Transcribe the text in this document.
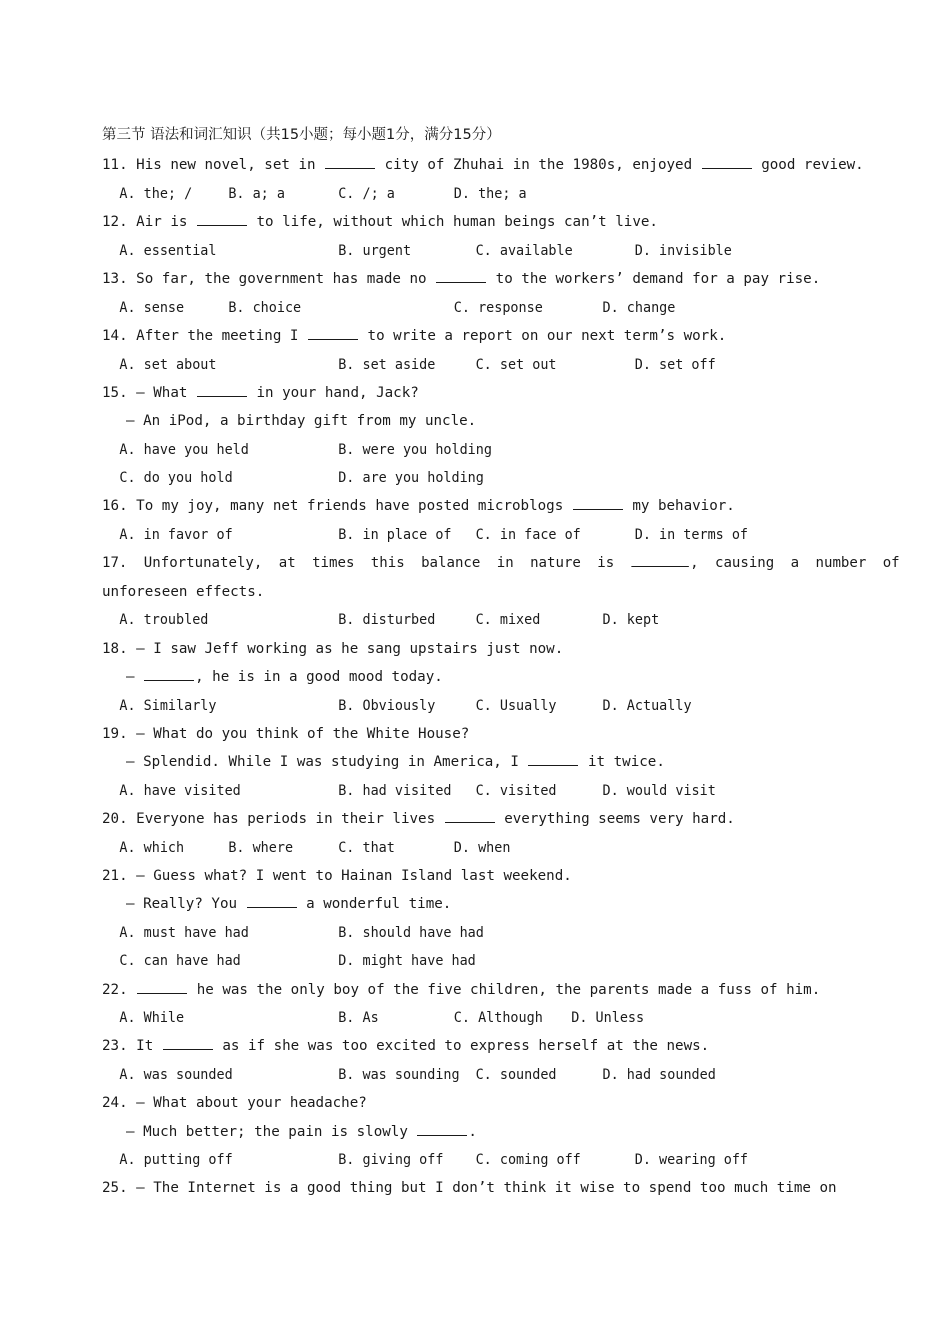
第三节 语法和词汇知识（共15小题；每小题1分，满分15分）
11. His new novel, set in	city of Zhuhai in the 1980s, enjoyed	good review.

A. the; /

	B. a; a

	C. /; a

	D. the; a

12. Air is	to life, without which human beings can’t live.

A. essential

	B. urgent

	C. available

	D. invisible

13. So far, the government has made no	to the workers’ demand for a pay rise.

A. sense

	B. choice

	C. response

	D. change

14. After the meeting I	to write a report on our next term’s work.

A. set about

	B. set aside

	C. set out

	D. set off

15. — What	in your hand, Jack?
— An iPod, a birthday gift from my uncle.

A. have you held

	B. were you holding

C. do you hold

	D. are you holding

16. To my joy, many net friends have posted microblogs	my behavior.

A. in favor of

	B. in place of

C. in face of

	D. in terms of

17. Unfortunately, at times this balance in nature is	, causing a number of
unforeseen effects.

A. troubled

	B. disturbed

	C. mixed

	D. kept

18. — I saw Jeff working as he sang upstairs just now.
—	, he is in a good mood today.

A. Similarly

	B. Obviously

	C. Usually

	D. Actually

19. — What do you think of the White House?
— Splendid. While I was studying in America, I	it twice.

A. have visited

	B. had visited

C. visited

	D. would visit

20. Everyone has periods in their lives	everything seems very hard.

A. which

	B. where

	C. that

	D. when

21. — Guess what? I went to Hainan Island last weekend.
— Really? You	a wonderful time.

A. must have had

	B. should have had

C. can have had

	D. might have had

22.	he was the only boy of the five children, the parents made a fuss of him.

A. While

	B. As

	C. Although

D. Unless

23. It	as if she was too excited to express herself at the news.

A. was sounded

	B. was sounding

C. sounded

	D. had sounded

24. — What about your headache?
— Much better; the pain is slowly	.

A. putting off

	B. giving off

C. coming off

	D. wearing off

25. — The Internet is a good thing but I don’t think it wise to spend too much time on
